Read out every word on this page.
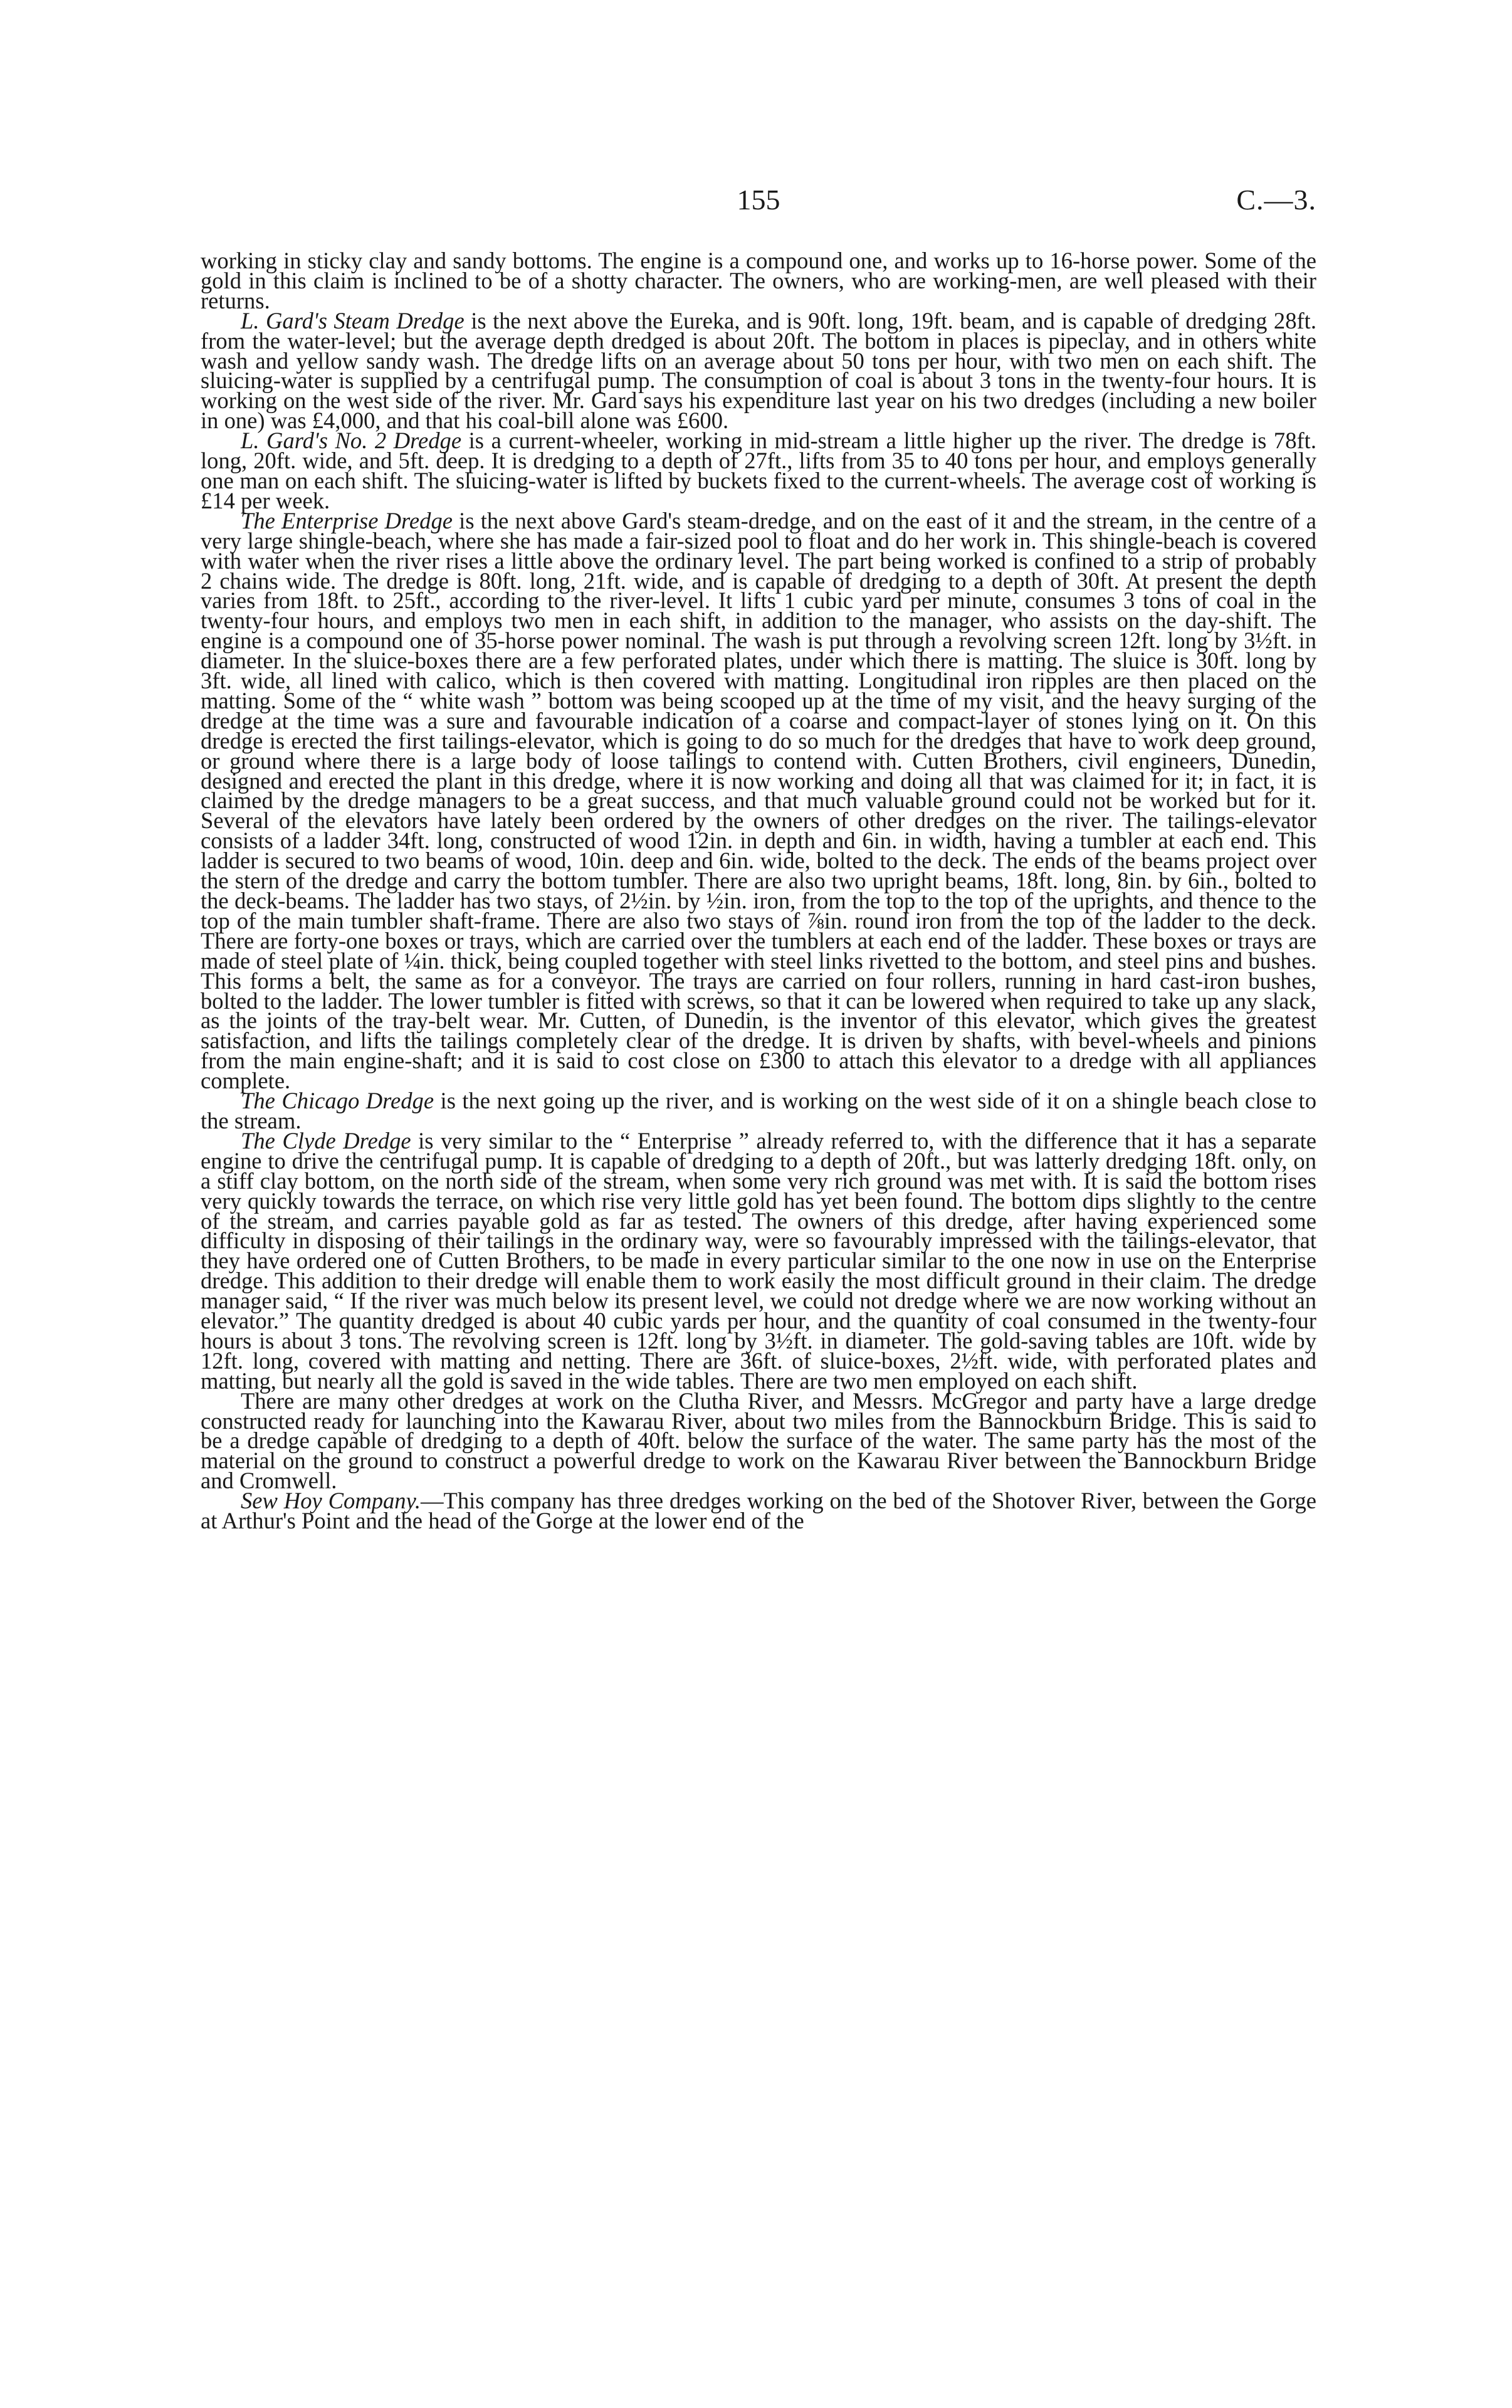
155	C.—3.

working in sticky clay and sandy bottoms. The engine is a compound one, and works up to 16-horse power. Some of the gold in this claim is inclined to be of a shotty character. The owners, who are working-men, are well pleased with their returns.

L. Gard's Steam Dredge is the next above the Eureka, and is 90ft. long, 19ft. beam, and is capable of dredging 28ft. from the water-level; but the average depth dredged is about 20ft. The bottom in places is pipeclay, and in others white wash and yellow sandy wash. The dredge lifts on an average about 50 tons per hour, with two men on each shift. The sluicing-water is supplied by a centrifugal pump. The consumption of coal is about 3 tons in the twenty-four hours. It is working on the west side of the river. Mr. Gard says his expenditure last year on his two dredges (including a new boiler in one) was £4,000, and that his coal-bill alone was £600.

L. Gard's No. 2 Dredge is a current-wheeler, working in mid-stream a little higher up the river. The dredge is 78ft. long, 20ft. wide, and 5ft. deep. It is dredging to a depth of 27ft., lifts from 35 to 40 tons per hour, and employs generally one man on each shift. The sluicing-water is lifted by buckets fixed to the current-wheels. The average cost of working is £14 per week.

The Enterprise Dredge is the next above Gard's steam-dredge, and on the east of it and the stream, in the centre of a very large shingle-beach, where she has made a fair-sized pool to float and do her work in. This shingle-beach is covered with water when the river rises a little above the ordinary level. The part being worked is confined to a strip of probably 2 chains wide. The dredge is 80ft. long, 21ft. wide, and is capable of dredging to a depth of 30ft. At present the depth varies from 18ft. to 25ft., according to the river-level. It lifts 1 cubic yard per minute, consumes 3 tons of coal in the twenty-four hours, and employs two men in each shift, in addition to the manager, who assists on the day-shift. The engine is a compound one of 35-horse power nominal. The wash is put through a revolving screen 12ft. long by 3½ft. in diameter. In the sluice-boxes there are a few perforated plates, under which there is matting. The sluice is 30ft. long by 3ft. wide, all lined with calico, which is then covered with matting. Longitudinal iron ripples are then placed on the matting. Some of the “ white wash ” bottom was being scooped up at the time of my visit, and the heavy surging of the dredge at the time was a sure and favourable indication of a coarse and compact-layer of stones lying on it. On this dredge is erected the first tailings-elevator, which is going to do so much for the dredges that have to work deep ground, or ground where there is a large body of loose tailings to contend with. Cutten Brothers, civil engineers, Dunedin, designed and erected the plant in this dredge, where it is now working and doing all that was claimed for it; in fact, it is claimed by the dredge managers to be a great success, and that much valuable ground could not be worked but for it. Several of the elevators have lately been ordered by the owners of other dredges on the river. The tailings-elevator consists of a ladder 34ft. long, constructed of wood 12in. in depth and 6in. in width, having a tumbler at each end. This ladder is secured to two beams of wood, 10in. deep and 6in. wide, bolted to the deck. The ends of the beams project over the stern of the dredge and carry the bottom tumbler. There are also two upright beams, 18ft. long, 8in. by 6in., bolted to the deck-beams. The ladder has two stays, of 2½in. by ½in. iron, from the top to the top of the uprights, and thence to the top of the main tumbler shaft-frame. There are also two stays of ⅞in. round iron from the top of the ladder to the deck. There are forty-one boxes or trays, which are carried over the tumblers at each end of the ladder. These boxes or trays are made of steel plate of ¼in. thick, being coupled together with steel links rivetted to the bottom, and steel pins and bushes. This forms a belt, the same as for a conveyor. The trays are carried on four rollers, running in hard cast-iron bushes, bolted to the ladder. The lower tumbler is fitted with screws, so that it can be lowered when required to take up any slack, as the joints of the tray-belt wear. Mr. Cutten, of Dunedin, is the inventor of this elevator, which gives the greatest satisfaction, and lifts the tailings completely clear of the dredge. It is driven by shafts, with bevel-wheels and pinions from the main engine-shaft; and it is said to cost close on £300 to attach this elevator to a dredge with all appliances complete.

The Chicago Dredge is the next going up the river, and is working on the west side of it on a shingle beach close to the stream.

The Clyde Dredge is very similar to the “ Enterprise ” already referred to, with the difference that it has a separate engine to drive the centrifugal pump. It is capable of dredging to a depth of 20ft., but was latterly dredging 18ft. only, on a stiff clay bottom, on the north side of the stream, when some very rich ground was met with. It is said the bottom rises very quickly towards the terrace, on which rise very little gold has yet been found. The bottom dips slightly to the centre of the stream, and carries payable gold as far as tested. The owners of this dredge, after having experienced some difficulty in disposing of their tailings in the ordinary way, were so favourably impressed with the tailings-elevator, that they have ordered one of Cutten Brothers, to be made in every particular similar to the one now in use on the Enterprise dredge. This addition to their dredge will enable them to work easily the most difficult ground in their claim. The dredge manager said, “ If the river was much below its present level, we could not dredge where we are now working without an elevator.” The quantity dredged is about 40 cubic yards per hour, and the quantity of coal consumed in the twenty-four hours is about 3 tons. The revolving screen is 12ft. long by 3½ft. in diameter. The gold-saving tables are 10ft. wide by 12ft. long, covered with matting and netting. There are 36ft. of sluice-boxes, 2½ft. wide, with perforated plates and matting, but nearly all the gold is saved in the wide tables. There are two men employed on each shift.

There are many other dredges at work on the Clutha River, and Messrs. McGregor and party have a large dredge constructed ready for launching into the Kawarau River, about two miles from the Bannockburn Bridge. This is said to be a dredge capable of dredging to a depth of 40ft. below the surface of the water. The same party has the most of the material on the ground to construct a powerful dredge to work on the Kawarau River between the Bannockburn Bridge and Cromwell.

Sew Hoy Company.—This company has three dredges working on the bed of the Shotover River, between the Gorge at Arthur's Point and the head of the Gorge at the lower end of the
